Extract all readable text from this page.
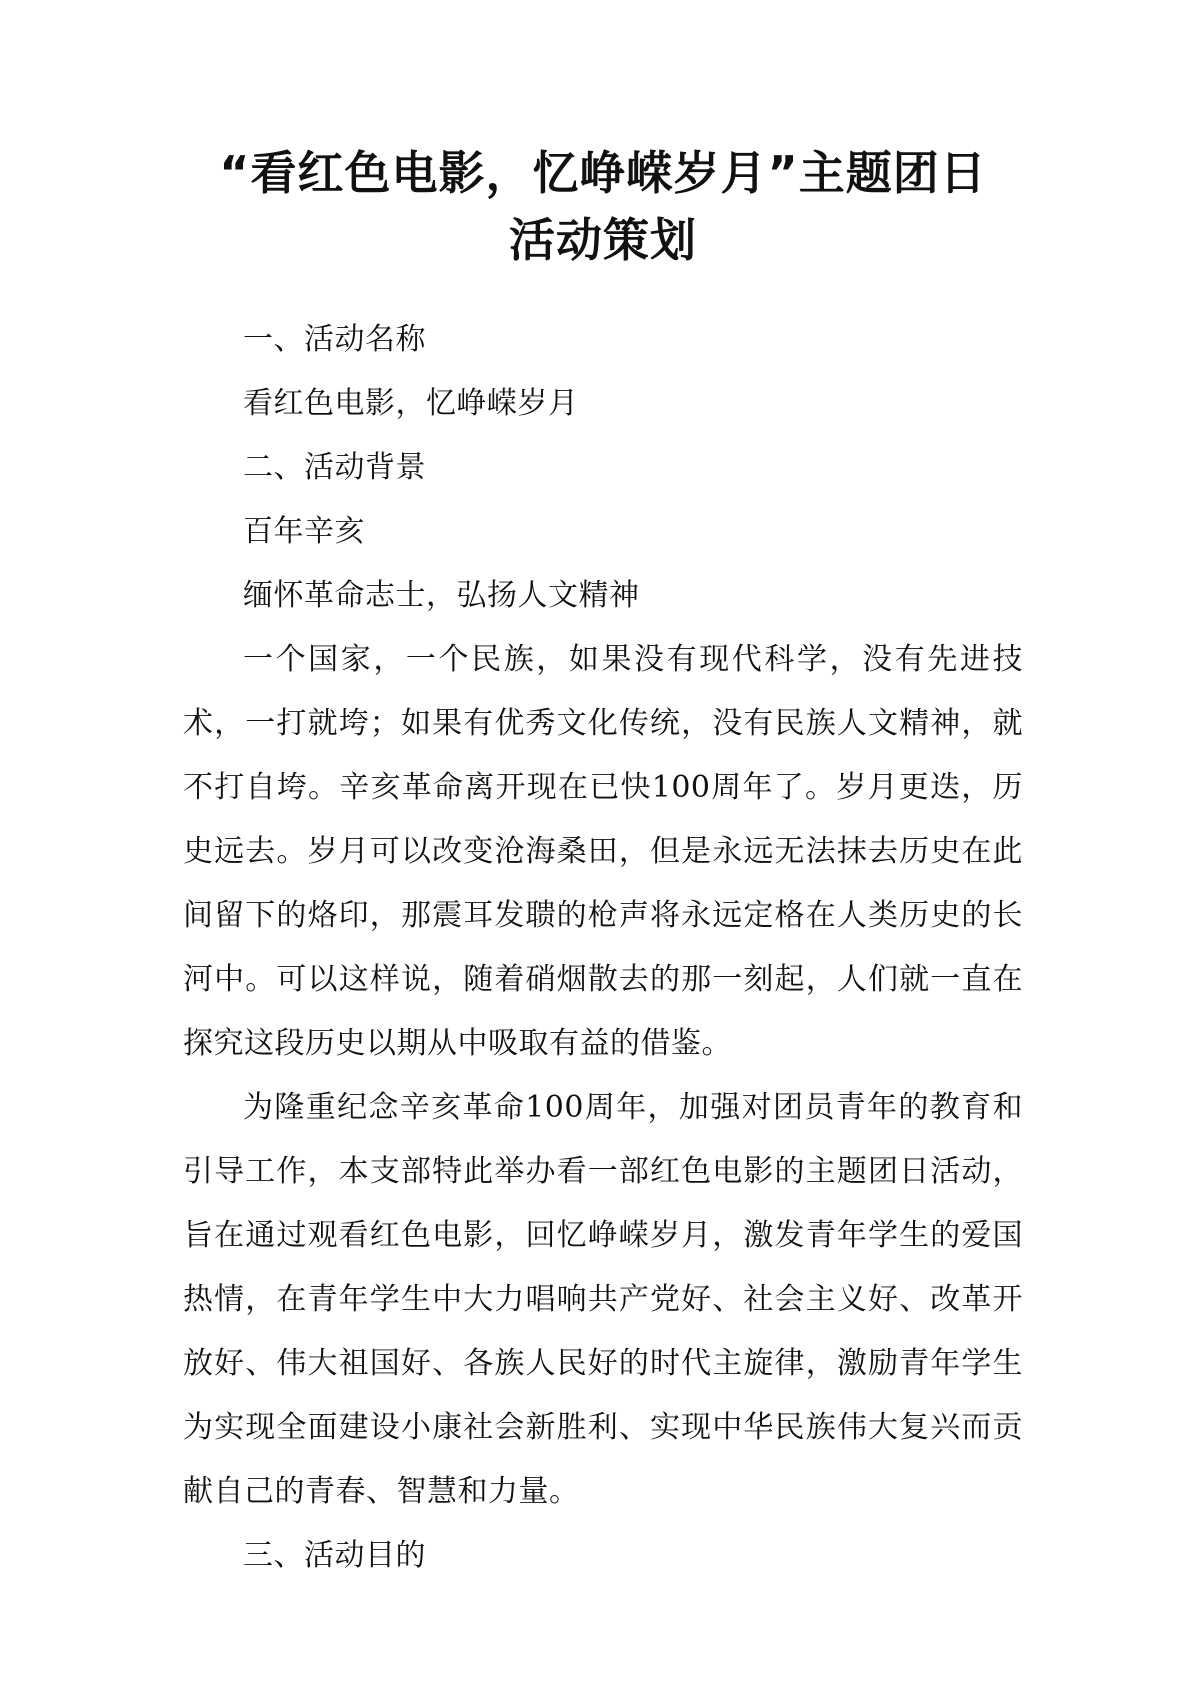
“看红色电影，忆峥嵘岁月”主题团日
活动策划

一、活动名称

看红色电影，忆峥嵘岁月

二、活动背景

百年辛亥

缅怀革命志士，弘扬人文精神

一个国家，一个民族，如果没有现代科学，没有先进技术，一打就垮；如果有优秀文化传统，没有民族人文精神，就不打自垮。辛亥革命离开现在已快100周年了。岁月更迭，历史远去。岁月可以改变沧海桑田，但是永远无法抹去历史在此间留下的烙印，那震耳发聩的枪声将永远定格在人类历史的长河中。可以这样说，随着硝烟散去的那一刻起，人们就一直在探究这段历史以期从中吸取有益的借鉴。

为隆重纪念辛亥革命100周年，加强对团员青年的教育和引导工作，本支部特此举办看一部红色电影的主题团日活动，旨在通过观看红色电影，回忆峥嵘岁月，激发青年学生的爱国热情，在青年学生中大力唱响共产党好、社会主义好、改革开放好、伟大祖国好、各族人民好的时代主旋律，激励青年学生为实现全面建设小康社会新胜利、实现中华民族伟大复兴而贡献自己的青春、智慧和力量。

三、活动目的
